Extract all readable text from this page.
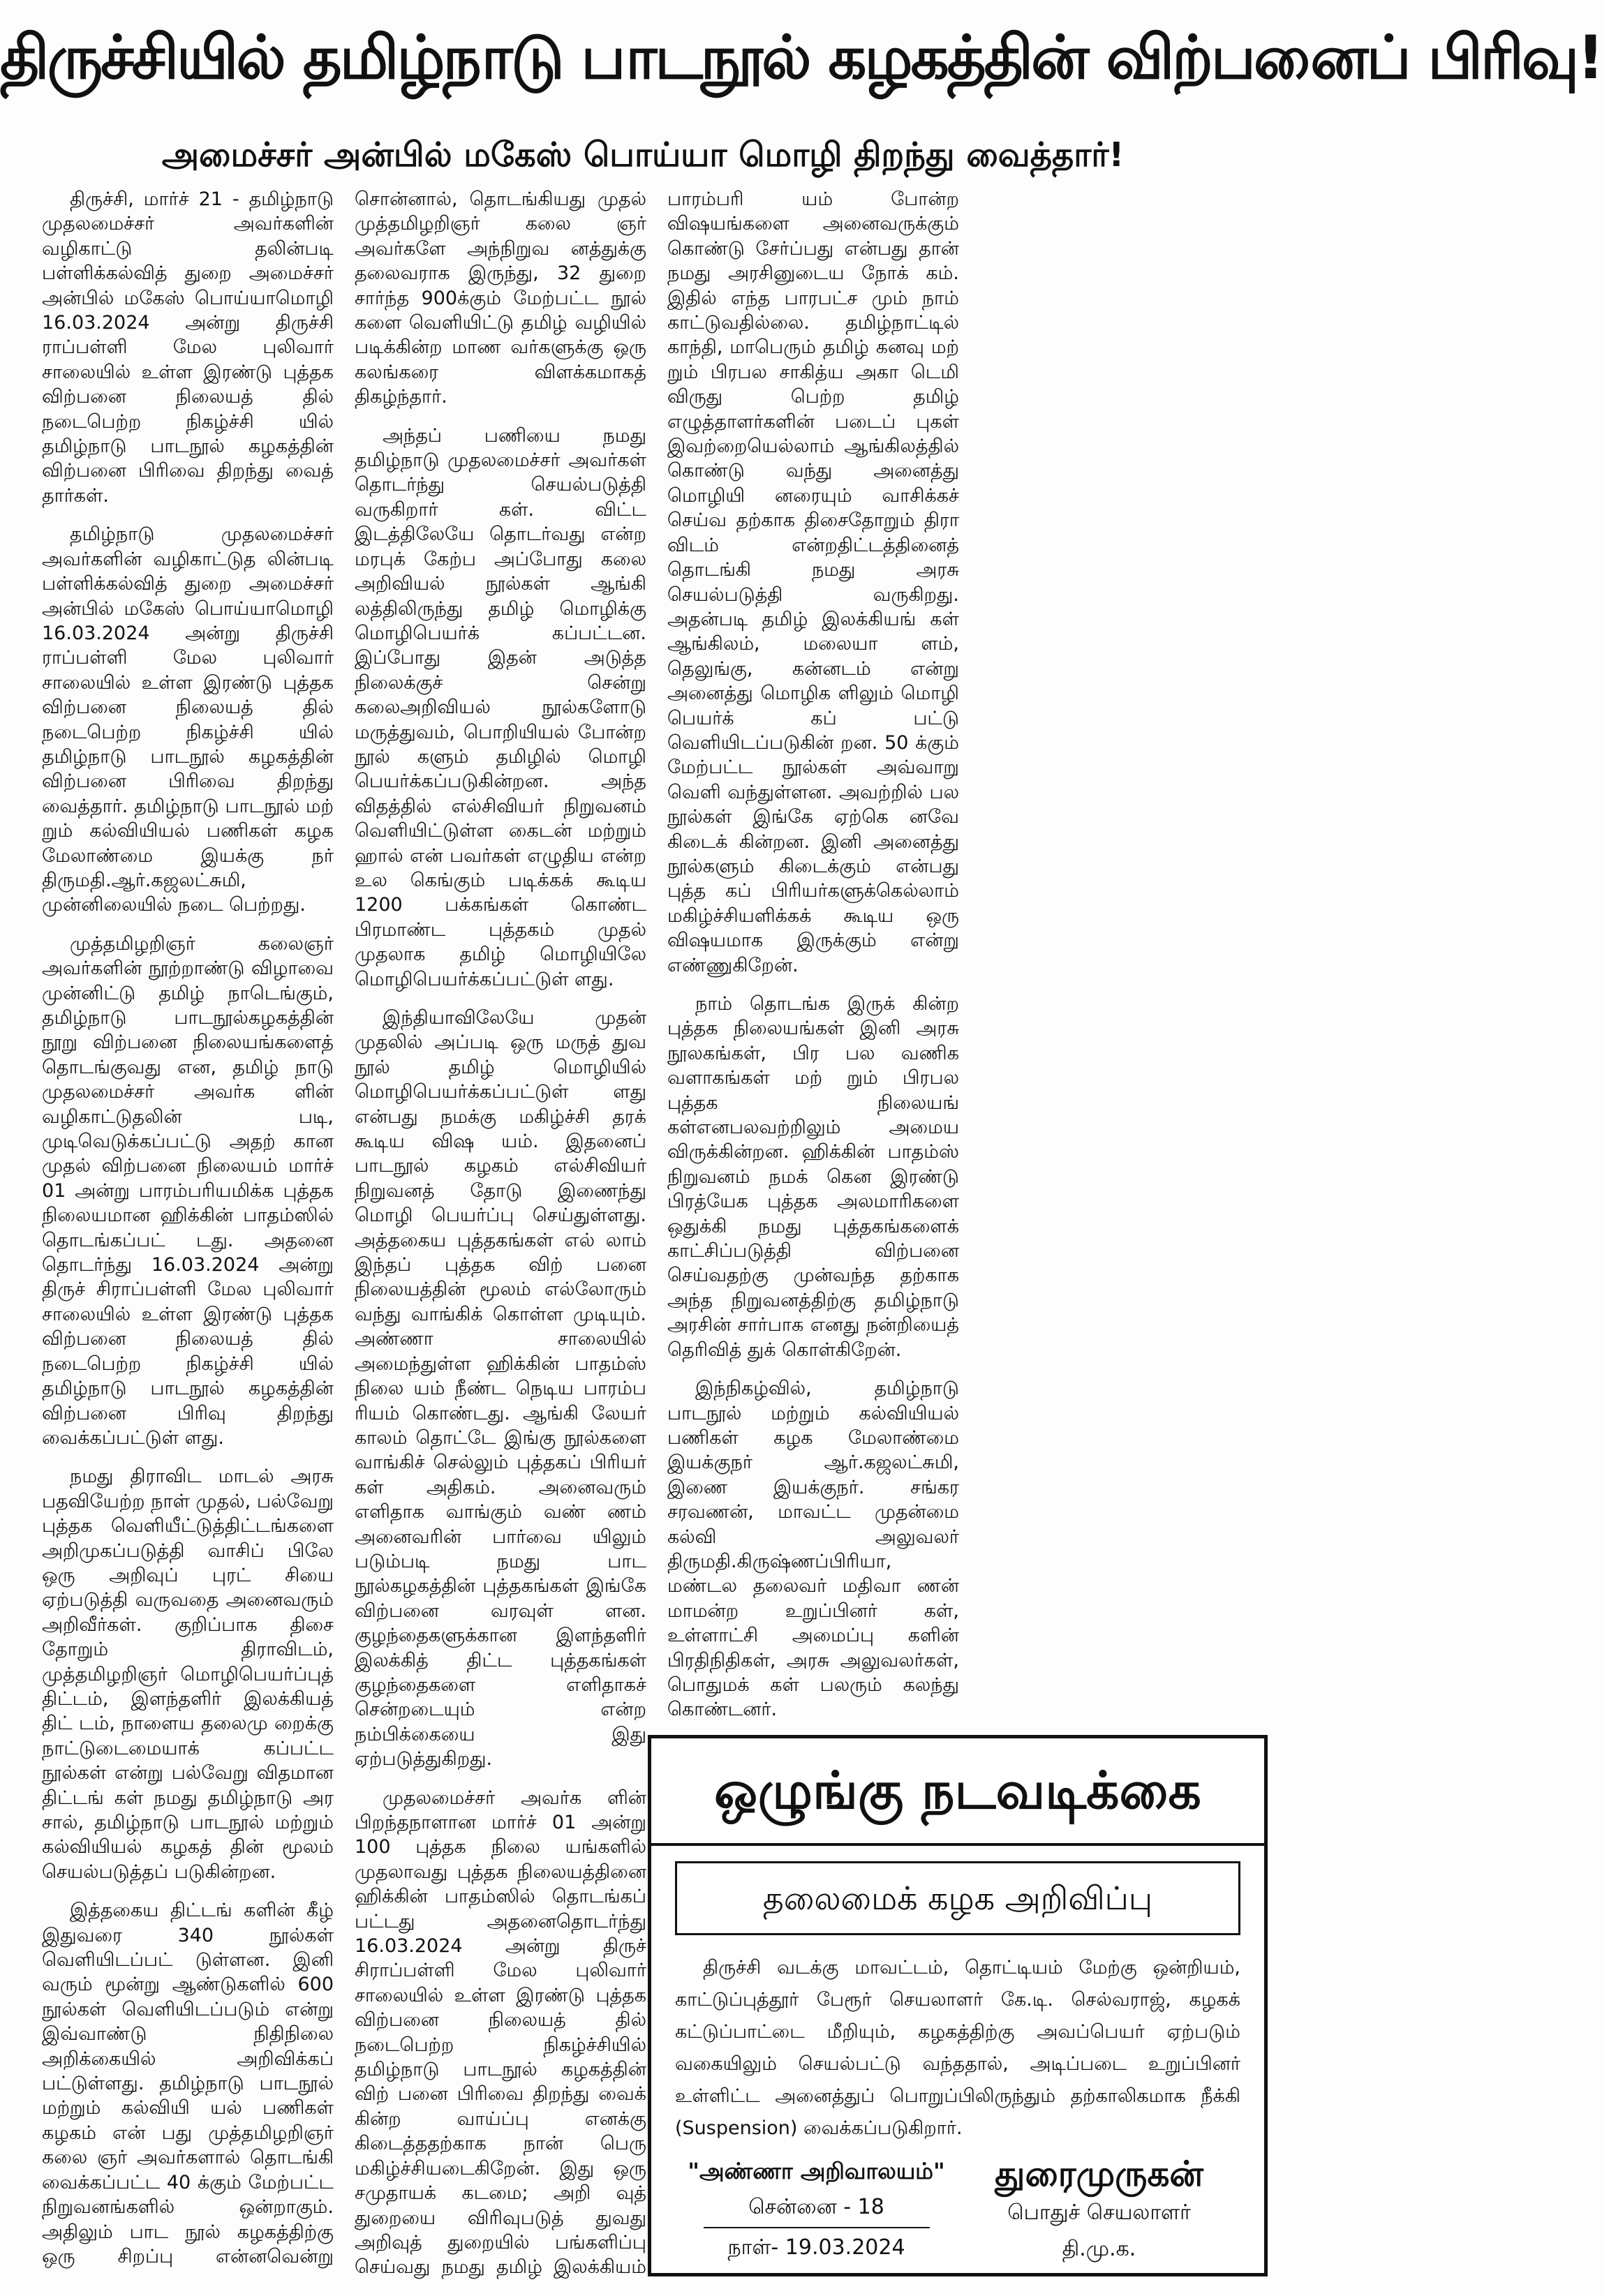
திருச்சியில் தமிழ்நாடு பாடநூல் கழகத்தின் விற்பனைப் பிரிவு!
அமைச்சர் அன்பில் மகேஸ் பொய்யா மொழி திறந்து வைத்தார்!

திருச்சி, மார்ச் 21 - தமிழ்நாடு முதலமைச்சர் அவர்களின் வழிகாட்டு தலின்படி பள்ளிக்கல்வித் துறை அமைச்சர் அன்பில் மகேஸ் பொய்யாமொழி 16.03.2024 அன்று திருச்சி ராப்பள்ளி மேல புலிவார் சாலையில் உள்ள இரண்டு புத்தக விற்பனை நிலையத் தில் நடைபெற்ற நிகழ்ச்சி யில் தமிழ்நாடு பாடநூல் கழகத்தின் விற்பனை பிரிவை திறந்து வைத் தார்கள்.

தமிழ்நாடு முதலமைச்சர் அவர்களின் வழிகாட்டுத லின்படி பள்ளிக்கல்வித் துறை அமைச்சர் அன்பில் மகேஸ் பொய்யாமொழி 16.03.2024 அன்று திருச்சி ராப்பள்ளி மேல புலிவார் சாலையில் உள்ள இரண்டு புத்தக விற்பனை நிலையத் தில் நடைபெற்ற நிகழ்ச்சி யில் தமிழ்நாடு பாடநூல் கழகத்தின் விற்பனை பிரிவை திறந்து வைத்தார். தமிழ்நாடு பாடநூல் மற் றும் கல்வியியல் பணிகள் கழக மேலாண்மை இயக்கு நர் திருமதி.ஆர்.கஜலட்சுமி, முன்னிலையில் நடை பெற்றது.

முத்தமிழறிஞர் கலைஞர் அவர்களின் நூற்றாண்டு விழாவை முன்னிட்டு தமிழ் நாடெங்கும், தமிழ்நாடு பாடநூல்கழகத்தின் நூறு விற்பனை நிலையங்களைத் தொடங்குவது என, தமிழ் நாடு முதலமைச்சர் அவர்க ளின் வழிகாட்டுதலின் படி, முடிவெடுக்கப்பட்டு அதற் கான முதல் விற்பனை நிலையம் மார்ச் 01 அன்று பாரம்பரியமிக்க புத்தக நிலையமான ஹிக்கின் பாதம்ஸில் தொடங்கப்பட் டது. அதனை தொடர்ந்து 16.03.2024 அன்று திருச் சிராப்பள்ளி மேல புலிவார் சாலையில் உள்ள இரண்டு புத்தக விற்பனை நிலையத் தில் நடைபெற்ற நிகழ்ச்சி யில் தமிழ்நாடு பாடநூல் கழகத்தின் விற்பனை பிரிவு திறந்து வைக்கப்பட்டுள் ளது.

நமது திராவிட மாடல் அரசு பதவியேற்ற நாள் முதல், பல்வேறு புத்தக வெளியீட்டுத்திட்டங்களை அறிமுகப்படுத்தி வாசிப் பிலே ஒரு அறிவுப் புரட் சியை ஏற்படுத்தி வருவதை அனைவரும் அறிவீர்கள். குறிப்பாக திசை தோறும் திராவிடம், முத்தமிழறிஞர் மொழிபெயர்ப்புத் திட்டம், இளந்தளிர் இலக்கியத் திட் டம், நாளைய தலைமு றைக்கு நாட்டுடைமையாக் கப்பட்ட நூல்கள் என்று பல்வேறு விதமான திட்டங் கள் நமது தமிழ்நாடு அர சால், தமிழ்நாடு பாடநூல் மற்றும் கல்வியியல் கழகத் தின் மூலம் செயல்படுத்தப் படுகின்றன.

இத்தகைய திட்டங் களின் கீழ் இதுவரை 340 நூல்கள் வெளியிடப்பட் டுள்ளன. இனி வரும் மூன்று ஆண்டுகளில் 600 நூல்கள் வெளியிடப்படும் என்று இவ்வாண்டு நிதிநிலை அறிக்கையில் அறிவிக்கப் பட்டுள்ளது. தமிழ்நாடு பாடநூல் மற்றும் கல்வியி யல் பணிகள் கழகம் என் பது முத்தமிழறிஞர் கலை ஞர் அவர்களால் தொடங்கி வைக்கப்பட்ட 40 க்கும் மேற்பட்ட நிறுவனங்களில் ஒன்றாகும். அதிலும் பாட நூல் கழகத்திற்கு ஒரு சிறப்பு என்னவென்று சொன்னால், தொடங்கியது முதல் முத்தமிழறிஞர் கலை ஞர் அவர்களே அந்நிறுவ னத்துக்கு தலைவராக இருந்து, 32 துறை சார்ந்த 900க்கும் மேற்பட்ட நூல் களை வெளியிட்டு தமிழ் வழியில் படிக்கின்ற மாண வர்களுக்கு ஒரு கலங்கரை விளக்கமாகத் திகழ்ந்தார்.

அந்தப் பணியை நமது தமிழ்நாடு முதலமைச்சர் அவர்கள் தொடர்ந்து செயல்படுத்தி வருகிறார் கள். விட்ட இடத்திலேயே தொடர்வது என்ற மரபுக் கேற்ப அப்போது கலை அறிவியல் நூல்கள் ஆங்கி லத்திலிருந்து தமிழ் மொழிக்கு மொழிபெயர்க் கப்பட்டன. இப்போது இதன் அடுத்த நிலைக்குச் சென்று கலைஅறிவியல் நூல்களோடு மருத்துவம், பொறியியல் போன்ற நூல் களும் தமிழில் மொழி பெயர்க்கப்படுகின்றன. அந்த விதத்தில் எல்சிவியர் நிறுவனம் வெளியிட்டுள்ள கைடன் மற்றும் ஹால் என் பவர்கள் எழுதிய என்ற உல கெங்கும் படிக்கக் கூடிய 1200 பக்கங்கள் கொண்ட பிரமாண்ட புத்தகம் முதல் முதலாக தமிழ் மொழியிலே மொழிபெயர்க்கப்பட்டுள் ளது.

இந்தியாவிலேயே முதன் முதலில் அப்படி ஒரு மருத் துவ நூல் தமிழ் மொழியில் மொழிபெயர்க்கப்பட்டுள் ளது என்பது நமக்கு மகிழ்ச்சி தரக் கூடிய விஷ யம். இதனைப் பாடநூல் கழகம் எல்சிவியர் நிறுவனத் தோடு இணைந்து மொழி பெயர்ப்பு செய்துள்ளது. அத்தகைய புத்தகங்கள் எல் லாம் இந்தப் புத்தக விற் பனை நிலையத்தின் மூலம் எல்லோரும் வந்து வாங்கிக் கொள்ள முடியும். அண்ணா சாலையில் அமைந்துள்ள ஹிக்கின் பாதம்ஸ் நிலை யம் நீண்ட நெடிய பாரம்ப ரியம் கொண்டது. ஆங்கி லேயர் காலம் தொட்டே இங்கு நூல்களை வாங்கிச் செல்லும் புத்தகப் பிரியர் கள் அதிகம். அனைவரும் எளிதாக வாங்கும் வண் ணம் அனைவரின் பார்வை யிலும் படும்படி நமது பாட நூல்கழகத்தின் புத்தகங்கள் இங்கே விற்பனை வரவுள் ளன. குழந்தைகளுக்கான இளந்தளிர் இலக்கித் திட்ட புத்தகங்கள் குழந்தைகளை எளிதாகச் சென்றடையும் என்ற நம்பிக்கையை இது ஏற்படுத்துகிறது.

முதலமைச்சர் அவர்க ளின் பிறந்தநாளான மார்ச் 01 அன்று 100 புத்தக நிலை யங்களில் முதலாவது புத்தக நிலையத்தினை ஹிக்கின் பாதம்ஸில் தொடங்கப் பட்டது அதனைதொடர்ந்து 16.03.2024 அன்று திருச் சிராப்பள்ளி மேல புலிவார் சாலையில் உள்ள இரண்டு புத்தக விற்பனை நிலையத் தில் நடைபெற்ற நிகழ்ச்சியில் தமிழ்நாடு பாடநூல் கழகத்தின் விற் பனை பிரிவை திறந்து வைக் கின்ற வாய்ப்பு எனக்கு கிடைத்ததற்காக நான் பெரு மகிழ்ச்சியடைகிறேன். இது ஒரு சமுதாயக் கடமை; அறி வுத் துறையை விரிவுபடுத் துவது அறிவுத் துறையில் பங்களிப்பு செய்வது நமது தமிழ் இலக்கியம் பாரம்பரி யம் போன்ற விஷயங்களை அனைவருக்கும் கொண்டு சேர்ப்பது என்பது தான் நமது அரசினுடைய நோக் கம். இதில் எந்த பாரபட்ச மும் நாம் காட்டுவதில்லை. தமிழ்நாட்டில் காந்தி, மாபெரும் தமிழ் கனவு மற் றும் பிரபல சாகித்ய அகா டெமி விருது பெற்ற தமிழ் எழுத்தாளர்களின் படைப் புகள் இவற்றையெல்லாம் ஆங்கிலத்தில் கொண்டு வந்து அனைத்து மொழியி னரையும் வாசிக்கச் செய்வ தற்காக திசைதோறும் திரா விடம் என்றதிட்டத்தினைத் தொடங்கி நமது அரசு செயல்படுத்தி வருகிறது. அதன்படி தமிழ் இலக்கியங் கள் ஆங்கிலம், மலையா ளம், தெலுங்கு, கன்னடம் என்று அனைத்து மொழிக ளிலும் மொழி பெயர்க் கப் பட்டு வெளியிடப்படுகின் றன. 50 க்கும் மேற்பட்ட நூல்கள் அவ்வாறு வெளி வந்துள்ளன. அவற்றில் பல நூல்கள் இங்கே ஏற்கெ னவே கிடைக் கின்றன. இனி அனைத்து நூல்களும் கிடைக்கும் என்பது புத்த கப் பிரியர்களுக்கெல்லாம் மகிழ்ச்சியளிக்கக் கூடிய ஒரு விஷயமாக இருக்கும் என்று எண்ணுகிறேன்.

நாம் தொடங்க இருக் கின்ற புத்தக நிலையங்கள் இனி அரசு நூலகங்கள், பிர பல வணிக வளாகங்கள் மற் றும் பிரபல புத்தக நிலையங் கள்எனபலவற்றிலும் அமைய விருக்கின்றன. ஹிக்கின் பாதம்ஸ் நிறுவனம் நமக் கென இரண்டு பிரத்யேக புத்தக அலமாரிகளை ஒதுக்கி நமது புத்தகங்களைக் காட்சிப்படுத்தி விற்பனை செய்வதற்கு முன்வந்த தற்காக அந்த நிறுவனத்திற்கு தமிழ்நாடு அரசின் சார்பாக எனது நன்றியைத் தெரிவித் துக் கொள்கிறேன்.

இந்நிகழ்வில், தமிழ்நாடு பாடநூல் மற்றும் கல்வியியல் பணிகள் கழக மேலாண்மை இயக்குநர் ஆர்.கஜலட்சுமி, இணை இயக்குநர். சங்கர சரவணன், மாவட்ட முதன்மை கல்வி அலுவலர் திருமதி.கிருஷ்ணப்பிரியா, மண்டல தலைவர் மதிவா ணன் மாமன்ற உறுப்பினர் கள், உள்ளாட்சி அமைப்பு களின் பிரதிநிதிகள், அரசு அலுவலர்கள், பொதுமக் கள் பலரும் கலந்து கொண்டனர்.

ஒழுங்கு நடவடிக்கை
தலைமைக் கழக அறிவிப்பு
திருச்சி வடக்கு மாவட்டம், தொட்டியம் மேற்கு ஒன்றியம், காட்டுப்புத்தூர் பேரூர் செயலாளர் கே.டி. செல்வராஜ், கழகக் கட்டுப்பாட்டை மீறியும், கழகத்திற்கு அவப்பெயர் ஏற்படும் வகையிலும் செயல்பட்டு வந்ததால், அடிப்படை உறுப்பினர் உள்ளிட்ட அனைத்துப் பொறுப்பிலிருந்தும் தற்காலிகமாக நீக்கி (Suspension) வைக்கப்படுகிறார்.
"அண்ணா அறிவாலயம்"
சென்னை - 18
நாள்- 19.03.2024
துரைமுருகன்
பொதுச் செயலாளர்
தி.மு.க.
